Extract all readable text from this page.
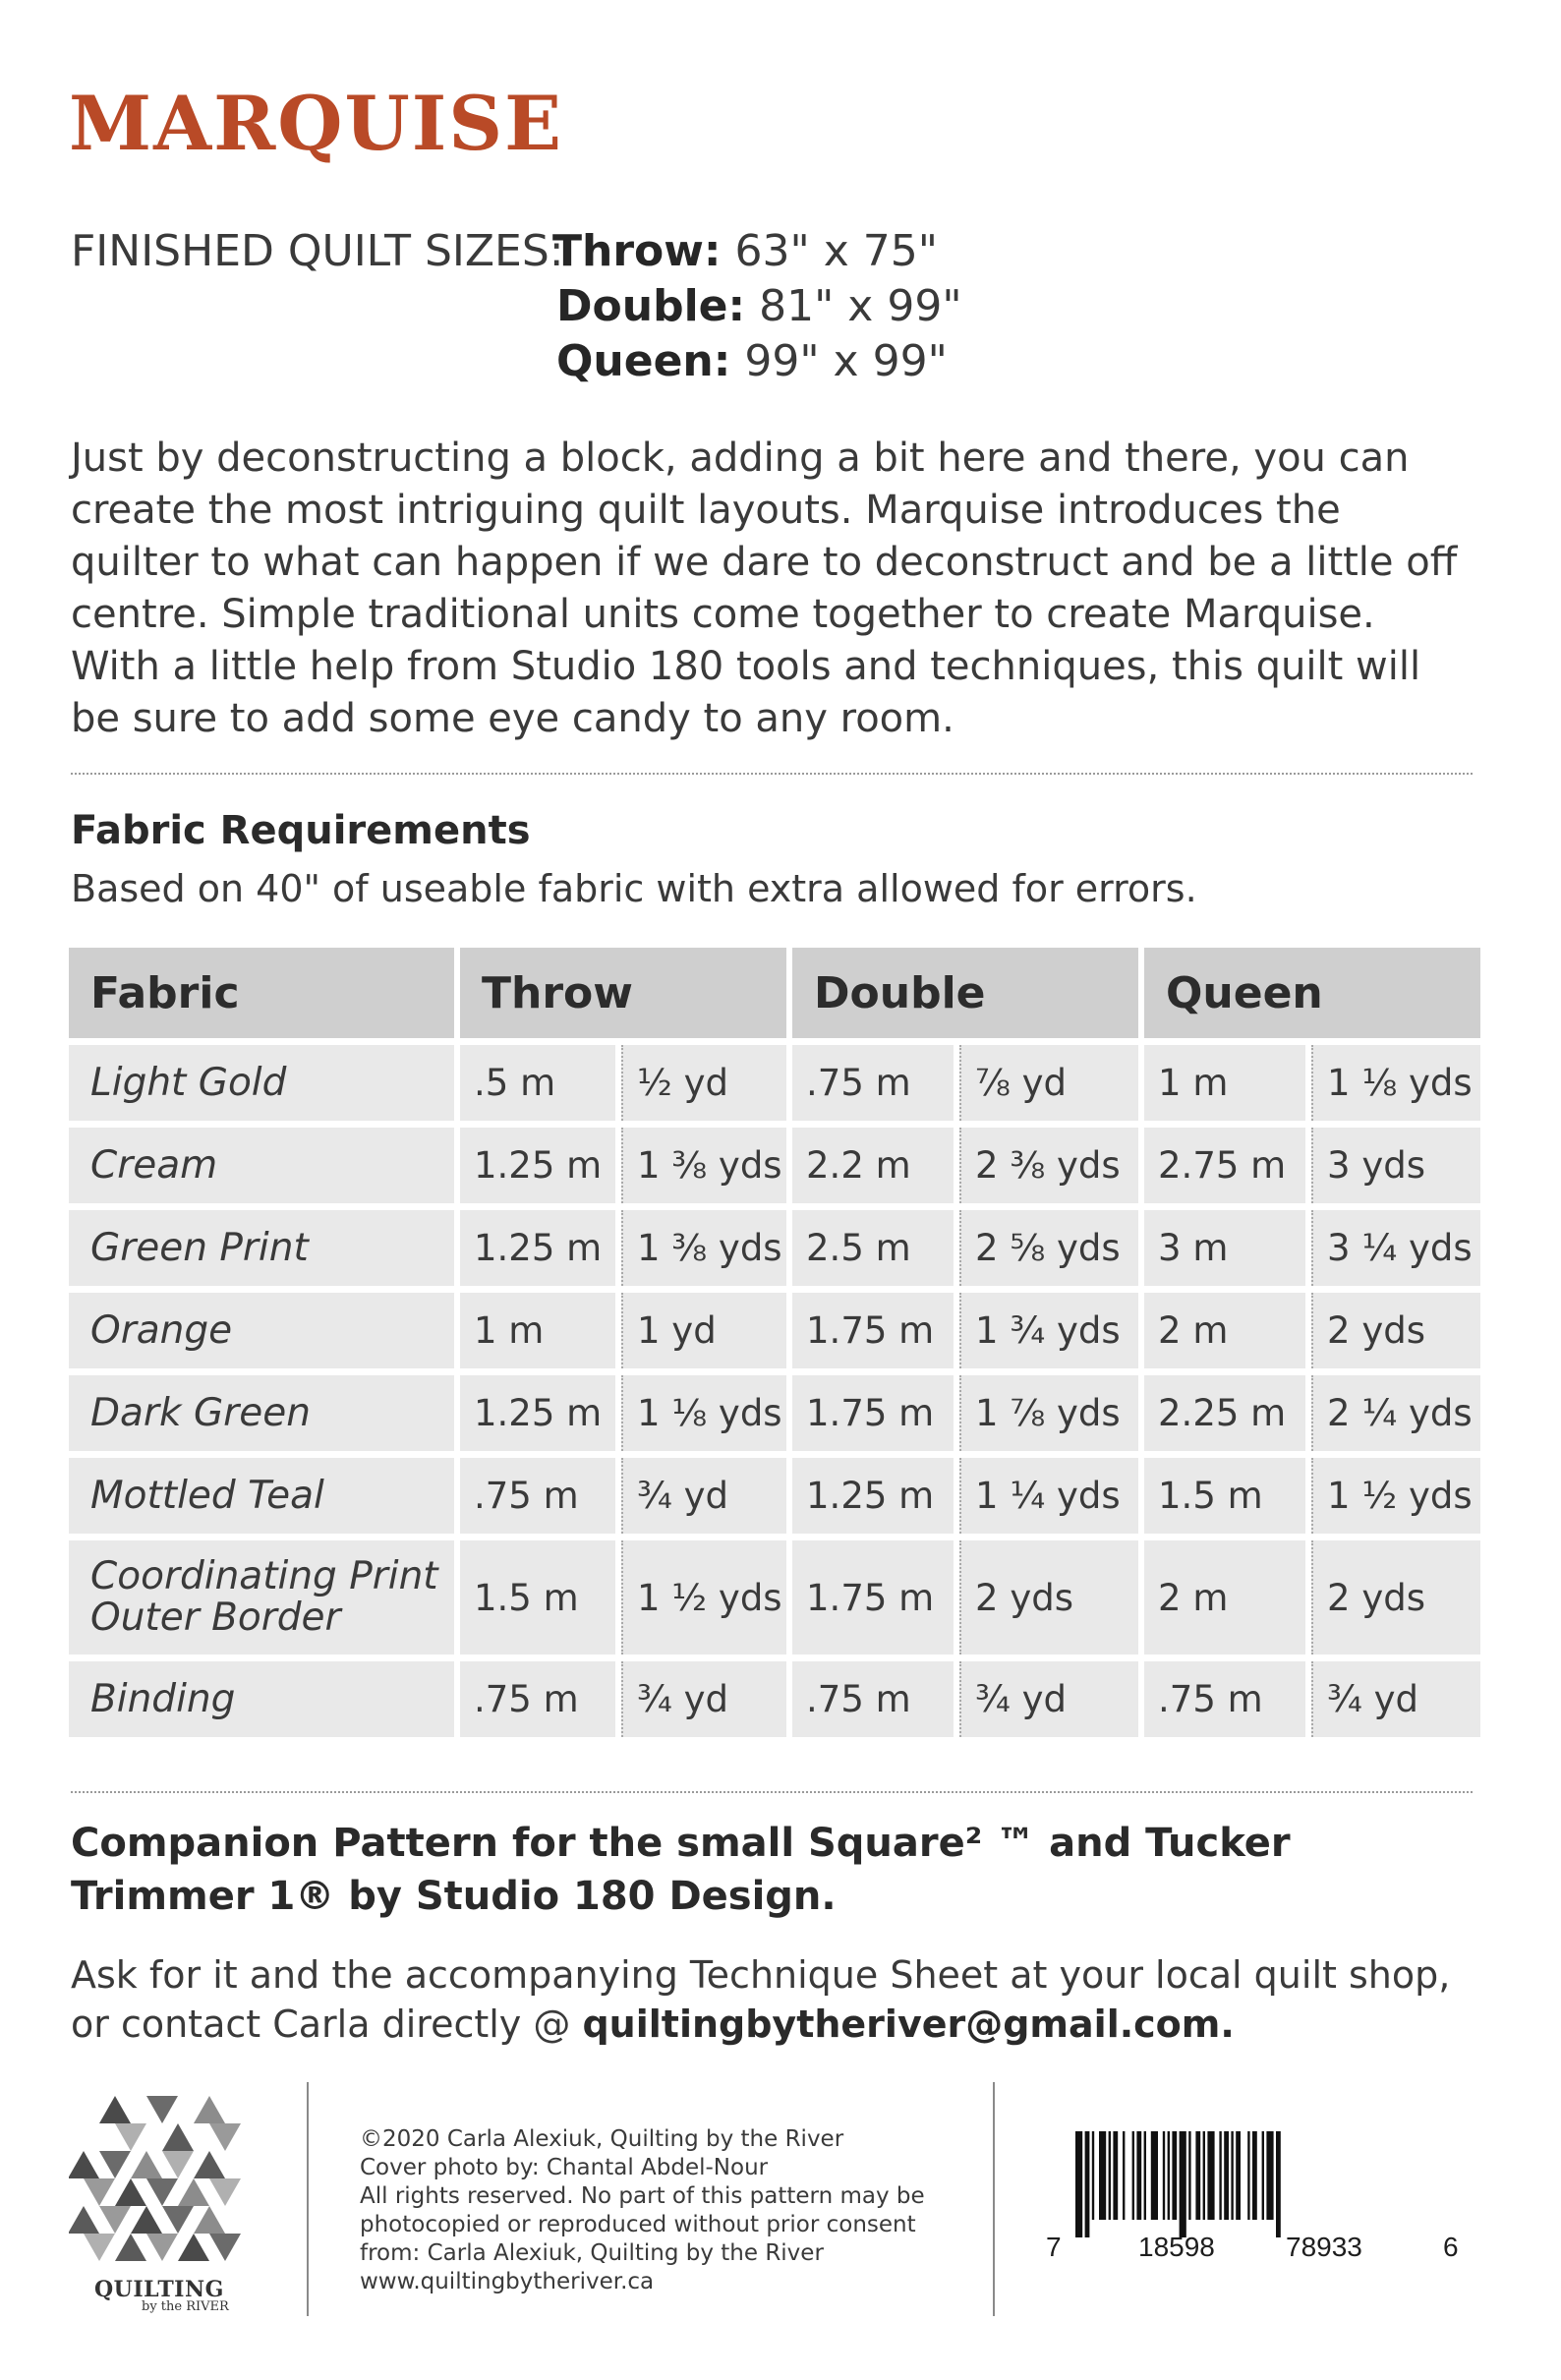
MARQUISE
FINISHED QUILT SIZES:
Throw: 63" x 75"
Double: 81" x 99"
Queen: 99" x 99"

Just by deconstructing a block, adding a bit here and there, you can create the most intriguing quilt layouts. Marquise introduces the quilter to what can happen if we dare to deconstruct and be a little off centre. Simple traditional units come together to create Marquise. With a little help from Studio 180 tools and techniques, this quilt will be sure to add some eye candy to any room.

Fabric Requirements

Based on 40" of useable fabric with extra allowed for errors.

Fabric	Throw		Double		Queen	
Light Gold	.5 m	½ yd	.75 m	⅞ yd	1 m	1 ⅛ yds
Cream	1.25 m	1 ⅜ yds	2.2 m	2 ⅜ yds	2.75 m	3 yds
Green Print	1.25 m	1 ⅜ yds	2.5 m	2 ⅝ yds	3 m	3 ¼ yds
Orange	1 m	1 yd	1.75 m	1 ¾ yds	2 m	2 yds
Dark Green	1.25 m	1 ⅛ yds	1.75 m	1 ⅞ yds	2.25 m	2 ¼ yds
Mottled Teal	.75 m	¾ yd	1.25 m	1 ¼ yds	1.5 m	1 ½ yds
Coordinating Print Outer Border	1.5 m	1 ½ yds	1.75 m	2 yds	2 m	2 yds
Binding	.75 m	¾ yd	.75 m	¾ yd	.75 m	¾ yd

Companion Pattern for the small Square² ™ and Tucker Trimmer 1® by Studio 180 Design.

Ask for it and the accompanying Technique Sheet at your local quilt shop, or contact Carla directly @ quiltingbytheriver@gmail.com.

QUILTING
by the RIVER
©2020 Carla Alexiuk, Quilting by the River
Cover photo by: Chantal Abdel-Nour
All rights reserved. No part of this pattern may be
photocopied or reproduced without prior consent
from: Carla Alexiuk, Quilting by the River
www.quiltingbytheriver.ca
7	18598	78933	6
